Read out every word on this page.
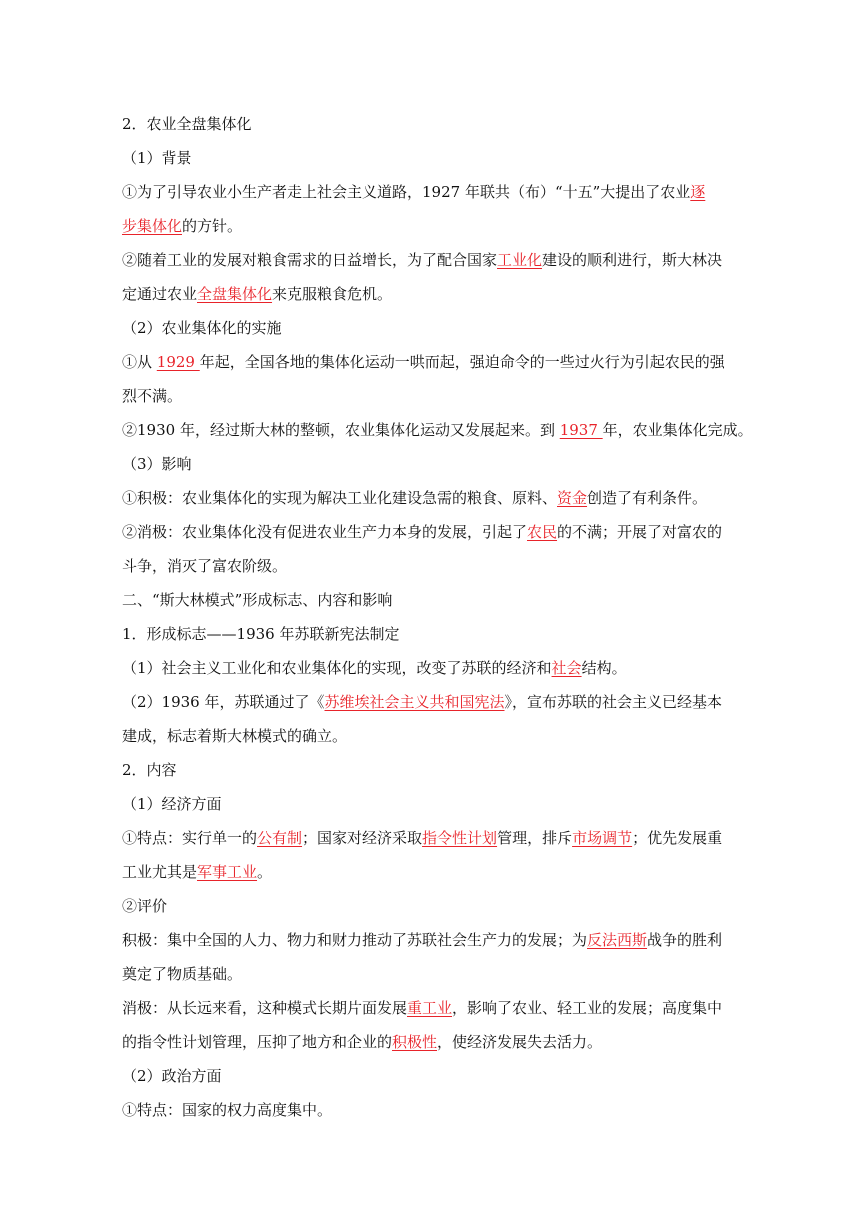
2．农业全盘集体化
（1）背景
①为了引导农业小生产者走上社会主义道路，1927 年联共（布）“十五”大提出了农业逐
步集体化的方针。
②随着工业的发展对粮食需求的日益增长，为了配合国家工业化建设的顺利进行，斯大林决
定通过农业全盘集体化来克服粮食危机。
（2）农业集体化的实施
①从 1929 年起，全国各地的集体化运动一哄而起，强迫命令的一些过火行为引起农民的强
烈不满。
②1930 年，经过斯大林的整顿，农业集体化运动又发展起来。到 1937 年，农业集体化完成。
（3）影响
①积极：农业集体化的实现为解决工业化建设急需的粮食、原料、资金创造了有利条件。
②消极：农业集体化没有促进农业生产力本身的发展，引起了农民的不满；开展了对富农的
斗争，消灭了富农阶级。
二、“斯大林模式”形成标志、内容和影响
1．形成标志——1936 年苏联新宪法制定
（1）社会主义工业化和农业集体化的实现，改变了苏联的经济和社会结构。
（2）1936 年，苏联通过了《苏维埃社会主义共和国宪法》，宣布苏联的社会主义已经基本
建成，标志着斯大林模式的确立。
2．内容
（1）经济方面
①特点：实行单一的公有制；国家对经济采取指令性计划管理，排斥市场调节；优先发展重
工业尤其是军事工业。
②评价
积极：集中全国的人力、物力和财力推动了苏联社会生产力的发展；为反法西斯战争的胜利
奠定了物质基础。
消极：从长远来看，这种模式长期片面发展重工业，影响了农业、轻工业的发展；高度集中
的指令性计划管理，压抑了地方和企业的积极性，使经济发展失去活力。
（2）政治方面
①特点：国家的权力高度集中。
